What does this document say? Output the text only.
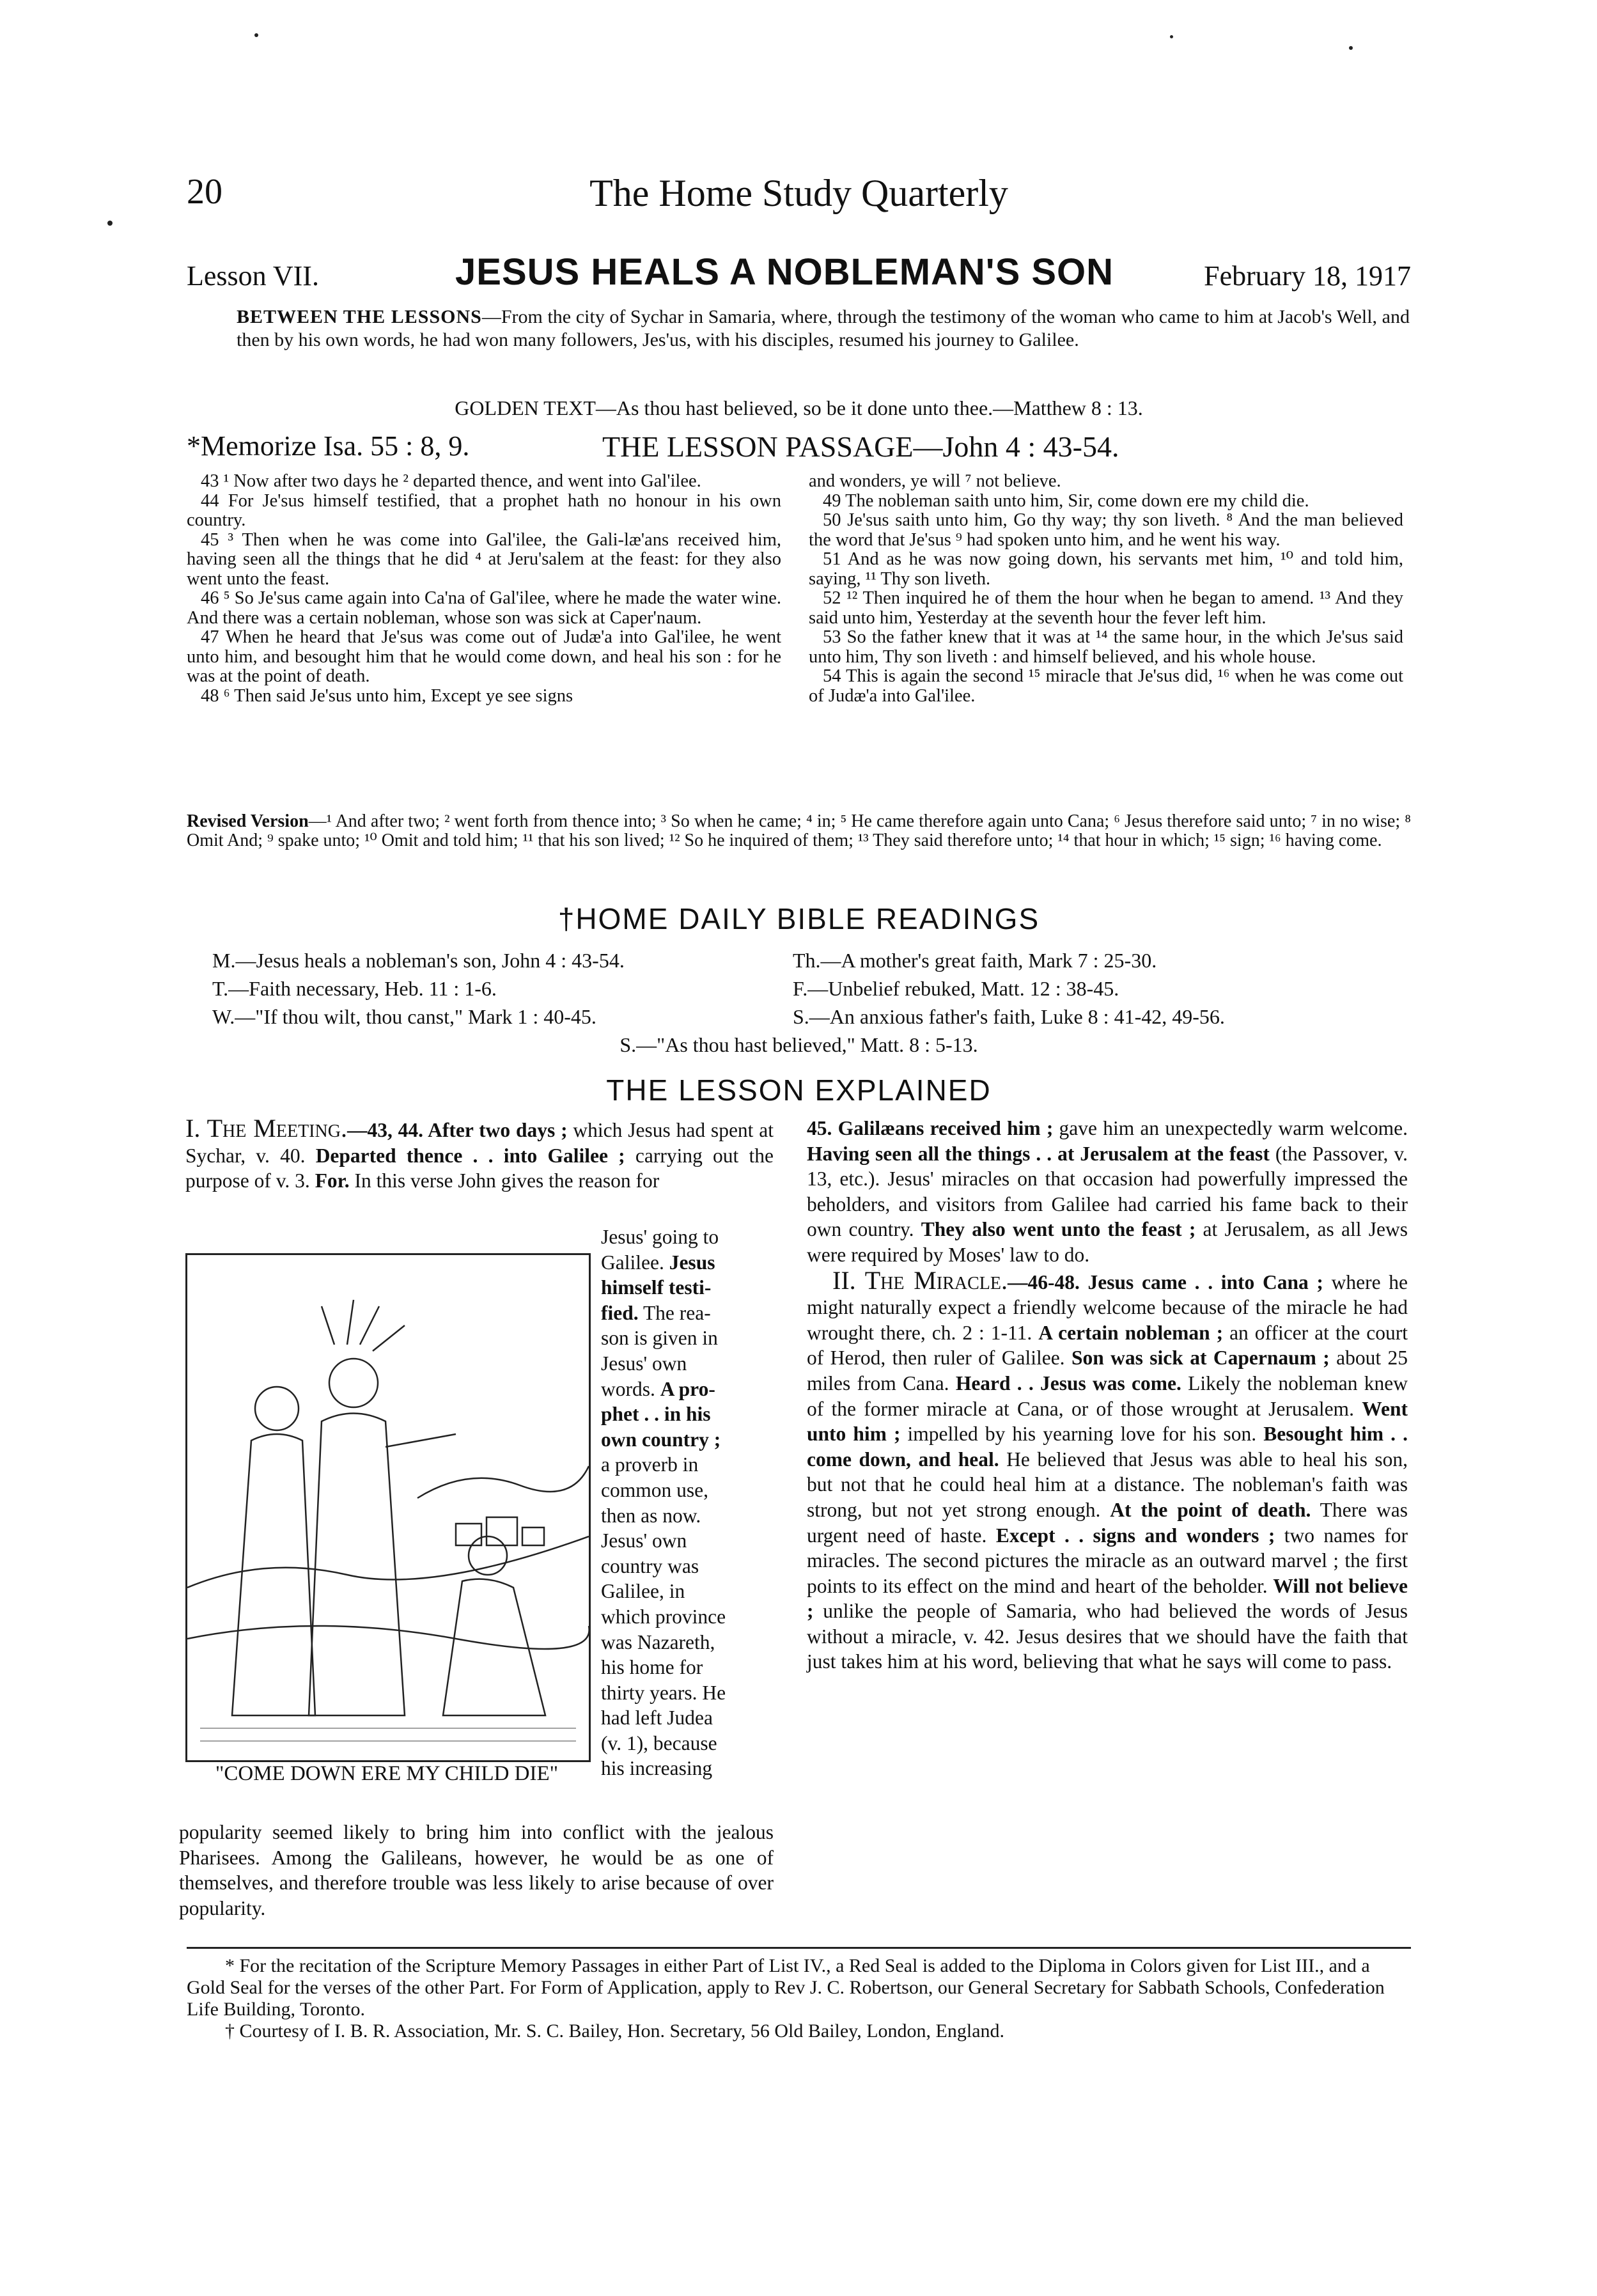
20	The Home Study Quarterly
Lesson VII.	JESUS HEALS A NOBLEMAN'S SON	February 18, 1917
BETWEEN THE LESSONS—From the city of Sychar in Samaria, where, through the testimony of the woman who came to him at Jacob's Well, and then by his own words, he had won many followers, Jes'us, with his disciples, resumed his journey to Galilee.
GOLDEN TEXT—As thou hast believed, so be it done unto thee.—Matthew 8 : 13.
*Memorize Isa. 55 : 8, 9.	THE LESSON PASSAGE—John 4 : 43-54.

43 ¹ Now after two days he ² departed thence, and went into Gal'ilee.

44 For Je'sus himself testified, that a prophet hath no honour in his own country.

45 ³ Then when he was come into Gal'ilee, the Gali-læ'ans received him, having seen all the things that he did ⁴ at Jeru'salem at the feast: for they also went unto the feast.

46 ⁵ So Je'sus came again into Ca'na of Gal'ilee, where he made the water wine. And there was a certain nobleman, whose son was sick at Caper'naum.

47 When he heard that Je'sus was come out of Judæ'a into Gal'ilee, he went unto him, and besought him that he would come down, and heal his son : for he was at the point of death.

48 ⁶ Then said Je'sus unto him, Except ye see signs

and wonders, ye will ⁷ not believe.

49 The nobleman saith unto him, Sir, come down ere my child die.

50 Je'sus saith unto him, Go thy way; thy son liveth. ⁸ And the man believed the word that Je'sus ⁹ had spoken unto him, and he went his way.

51 And as he was now going down, his servants met him, ¹⁰ and told him, saying, ¹¹ Thy son liveth.

52 ¹² Then inquired he of them the hour when he began to amend. ¹³ And they said unto him, Yesterday at the seventh hour the fever left him.

53 So the father knew that it was at ¹⁴ the same hour, in the which Je'sus said unto him, Thy son liveth : and himself believed, and his whole house.

54 This is again the second ¹⁵ miracle that Je'sus did, ¹⁶ when he was come out of Judæ'a into Gal'ilee.

Revised Version—¹ And after two; ² went forth from thence into; ³ So when he came; ⁴ in; ⁵ He came therefore again unto Cana; ⁶ Jesus therefore said unto; ⁷ in no wise; ⁸ Omit And; ⁹ spake unto; ¹⁰ Omit and told him; ¹¹ that his son lived; ¹² So he inquired of them; ¹³ They said therefore unto; ¹⁴ that hour in which; ¹⁵ sign; ¹⁶ having come.
†HOME DAILY BIBLE READINGS
M.—Jesus heals a nobleman's son, John 4 : 43-54.	Th.—A mother's great faith, Mark 7 : 25-30.
T.—Faith necessary, Heb. 11 : 1-6.	F.—Unbelief rebuked, Matt. 12 : 38-45.
W.—"If thou wilt, thou canst," Mark 1 : 40-45.	S.—An anxious father's faith, Luke 8 : 41-42, 49-56.
S.—"As thou hast believed," Matt. 8 : 5-13.
THE LESSON EXPLAINED

I. The Meeting.—43, 44. After two days ; which Jesus had spent at Sychar, v. 40. Departed thence . . into Galilee ; carrying out the purpose of v. 3. For. In this verse John gives the reason for

"COME DOWN ERE MY CHILD DIE"

Jesus' going to

Galilee. Jesus

himself testi-

fied. The rea-

son is given in

Jesus' own

words. A pro-

phet . . in his

own country ;

a proverb in

common use,

then as now.

Jesus' own

country was

Galilee, in

which province

was Nazareth,

his home for

thirty years. He

had left Judea

(v. 1), because

his increasing

popularity seemed likely to bring him into conflict with the jealous Pharisees. Among the Galileans, however, he would be as one of themselves, and therefore trouble was less likely to arise because of over popularity.

45. Galilæans received him ; gave him an unexpectedly warm welcome. Having seen all the things . . at Jerusalem at the feast (the Passover, v. 13, etc.). Jesus' miracles on that occasion had powerfully impressed the beholders, and visitors from Galilee had carried his fame back to their own country. They also went unto the feast ; at Jerusalem, as all Jews were required by Moses' law to do.

II. The Miracle.—46-48. Jesus came . . into Cana ; where he might naturally expect a friendly welcome because of the miracle he had wrought there, ch. 2 : 1-11. A certain nobleman ; an officer at the court of Herod, then ruler of Galilee. Son was sick at Capernaum ; about 25 miles from Cana. Heard . . Jesus was come. Likely the nobleman knew of the former miracle at Cana, or of those wrought at Jerusalem. Went unto him ; impelled by his yearning love for his son. Besought him . . come down, and heal. He believed that Jesus was able to heal his son, but not that he could heal him at a distance. The nobleman's faith was strong, but not yet strong enough. At the point of death. There was urgent need of haste. Except . . signs and wonders ; two names for miracles. The second pictures the miracle as an outward marvel ; the first points to its effect on the mind and heart of the beholder. Will not believe ; unlike the people of Samaria, who had believed the words of Jesus without a miracle, v. 42. Jesus desires that we should have the faith that just takes him at his word, believing that what he says will come to pass.

* For the recitation of the Scripture Memory Passages in either Part of List IV., a Red Seal is added to the Diploma in Colors given for List III., and a Gold Seal for the verses of the other Part. For Form of Application, apply to Rev J. C. Robertson, our General Secretary for Sabbath Schools, Confederation Life Building, Toronto.

† Courtesy of I. B. R. Association, Mr. S. C. Bailey, Hon. Secretary, 56 Old Bailey, London, England.
